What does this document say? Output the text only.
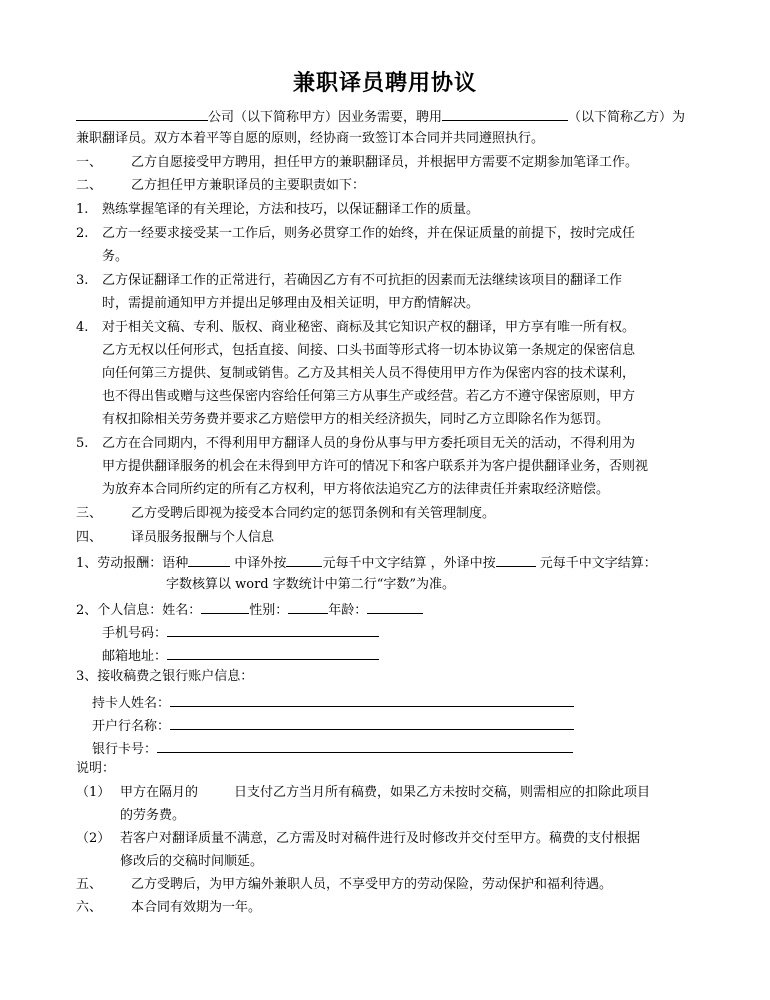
兼职译员聘用协议
公司（以下简称甲方）因业务需要，聘用	（以下简称乙方）为
兼职翻译员。双方本着平等自愿的原则，经协商一致签订本合同并共同遵照执行。
一、 乙方自愿接受甲方聘用，担任甲方的兼职翻译员，并根据甲方需要不定期参加笔译工作。
二、 乙方担任甲方兼职译员的主要职责如下：
1. 熟练掌握笔译的有关理论，方法和技巧，以保证翻译工作的质量。
2. 乙方一经要求接受某一工作后，则务必贯穿工作的始终，并在保证质量的前提下，按时完成任
务。
3. 乙方保证翻译工作的正常进行，若确因乙方有不可抗拒的因素而无法继续该项目的翻译工作
时，需提前通知甲方并提出足够理由及相关证明，甲方酌情解决。
4. 对于相关文稿、专利、版权、商业秘密、商标及其它知识产权的翻译，甲方享有唯一所有权。
乙方无权以任何形式，包括直接、间接、口头书面等形式将一切本协议第一条规定的保密信息
向任何第三方提供、复制或销售。乙方及其相关人员不得使用甲方作为保密内容的技术谋利，
也不得出售或赠与这些保密内容给任何第三方从事生产或经营。若乙方不遵守保密原则，甲方
有权扣除相关劳务费并要求乙方赔偿甲方的相关经济损失，同时乙方立即除名作为惩罚。
5. 乙方在合同期内，不得利用甲方翻译人员的身份从事与甲方委托项目无关的活动，不得利用为
甲方提供翻译服务的机会在未得到甲方许可的情况下和客户联系并为客户提供翻译业务，否则视
为放弃本合同所约定的所有乙方权利，甲方将依法追究乙方的法律责任并索取经济赔偿。
三、 乙方受聘后即视为接受本合同约定的惩罚条例和有关管理制度。
四、 译员服务报酬与个人信息
1、劳动报酬：语种	中译外按	元每千中文字结算 ，外译中按	元每千中文字结算：
字数核算以 word 字数统计中第二行“字数”为准。
2、个人信息：姓名：	性别：	年龄：
手机号码：
邮箱地址：
3、接收稿费之银行账户信息：
持卡人姓名：
开户行名称：
银行卡号：
说明：
（1） 甲方在隔月的	日支付乙方当月所有稿费，如果乙方未按时交稿，则需相应的扣除此项目
的劳务费。
（2） 若客户对翻译质量不满意，乙方需及时对稿件进行及时修改并交付至甲方。稿费的支付根据
修改后的交稿时间顺延。
五、 乙方受聘后，为甲方编外兼职人员，不享受甲方的劳动保险，劳动保护和福利待遇。
六、 本合同有效期为一年。
